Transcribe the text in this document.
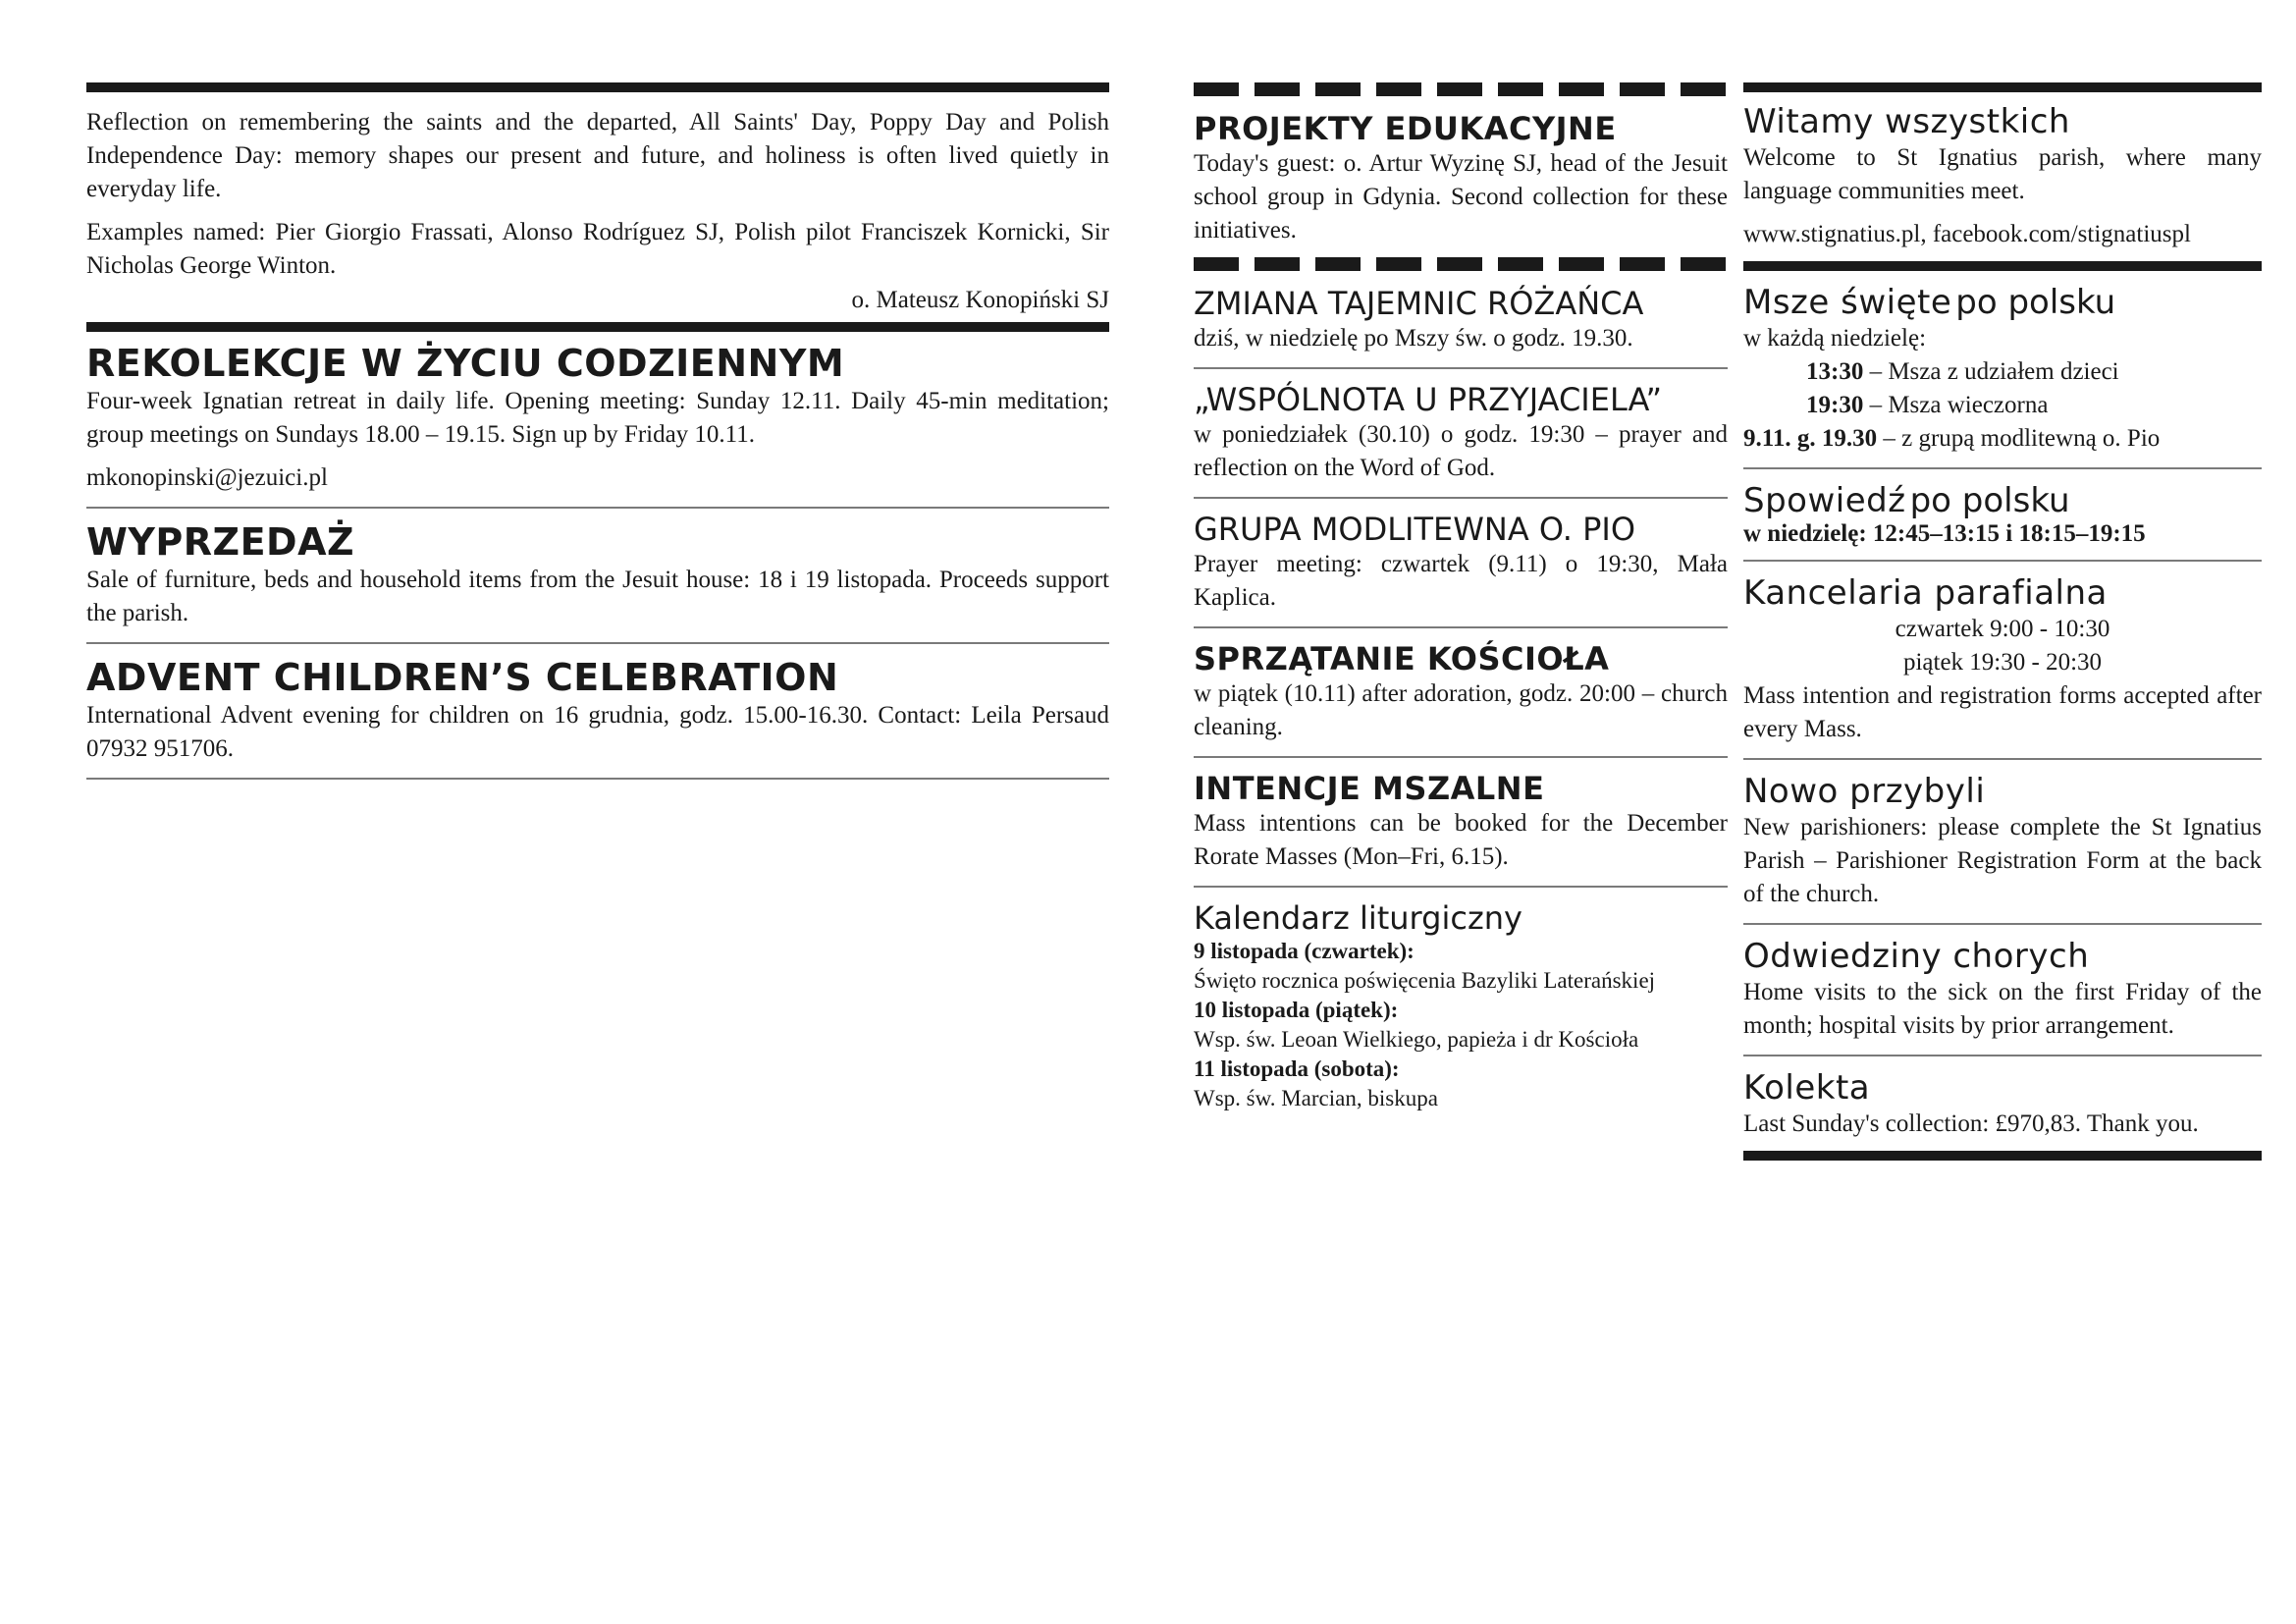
Reflection on remembering the saints and the departed, All Saints' Day, Poppy Day and Polish Independence Day: memory shapes our present and future, and holiness is often lived quietly in everyday life.

Examples named: Pier Giorgio Frassati, Alonso Rodríguez SJ, Polish pilot Franciszek Kornicki, Sir Nicholas George Winton.

o. Mateusz Konopiński SJ
REKOLEKCJE W ŻYCIU CODZIENNYM

Four-week Ignatian retreat in daily life. Opening meeting: Sunday 12.11. Daily 45-min meditation; group meetings on Sundays 18.00 – 19.15. Sign up by Friday 10.11.

mkonopinski@jezuici.pl

WYPRZEDAŻ

Sale of furniture, beds and household items from the Jesuit house: 18 i 19 listopada. Proceeds support the parish.

ADVENT CHILDREN’S CELEBRATION

International Advent evening for children on 16 grudnia, godz. 15.00-16.30. Contact: Leila Persaud 07932 951706.

PROJEKTY EDUKACYJNE

Today's guest: o. Artur Wyzinę SJ, head of the Jesuit school group in Gdynia. Second collection for these initiatives.

ZMIANA TAJEMNIC RÓŻAŃCA

dziś, w niedzielę po Mszy św. o godz. 19.30.

„WSPÓLNOTA U PRZYJACIELA”

w poniedziałek (30.10) o godz. 19:30 – prayer and reflection on the Word of God.

GRUPA MODLITEWNA O. PIO

Prayer meeting: czwartek (9.11) o 19:30, Mała Kaplica.

SPRZĄTANIE KOŚCIOŁA

w piątek (10.11) after adoration, godz. 20:00 – church cleaning.

INTENCJE MSZALNE

Mass intentions can be booked for the December Rorate Masses (Mon–Fri, 6.15).

Kalendarz liturgiczny
9 listopada (czwartek):
Święto rocznica poświęcenia Bazyliki Laterańskiej
10 listopada (piątek):
Wsp. św. Leoan Wielkiego, papieża i dr Kościoła
11 listopada (sobota):
Wsp. św. Marcian, biskupa
Witamy wszystkich

Welcome to St Ignatius parish, where many language communities meet.

www.stignatius.pl, facebook.com/stignatiuspl

Msze święte po polsku
w każdą niedzielę:
13:30 – Msza z udziałem dzieci
19:30 – Msza wieczorna
9.11. g. 19.30 – z grupą modlitewną o. Pio
Spowiedź po polsku
w niedzielę: 12:45–13:15 i 18:15–19:15
Kancelaria parafialna
czwartek 9:00 - 10:30
piątek 19:30 - 20:30

Mass intention and registration forms accepted after every Mass.

Nowo przybyli

New parishioners: please complete the St Ignatius Parish – Parishioner Registration Form at the back of the church.

Odwiedziny chorych

Home visits to the sick on the first Friday of the month; hospital visits by prior arrangement.

Kolekta

Last Sunday's collection: £970,83. Thank you.
